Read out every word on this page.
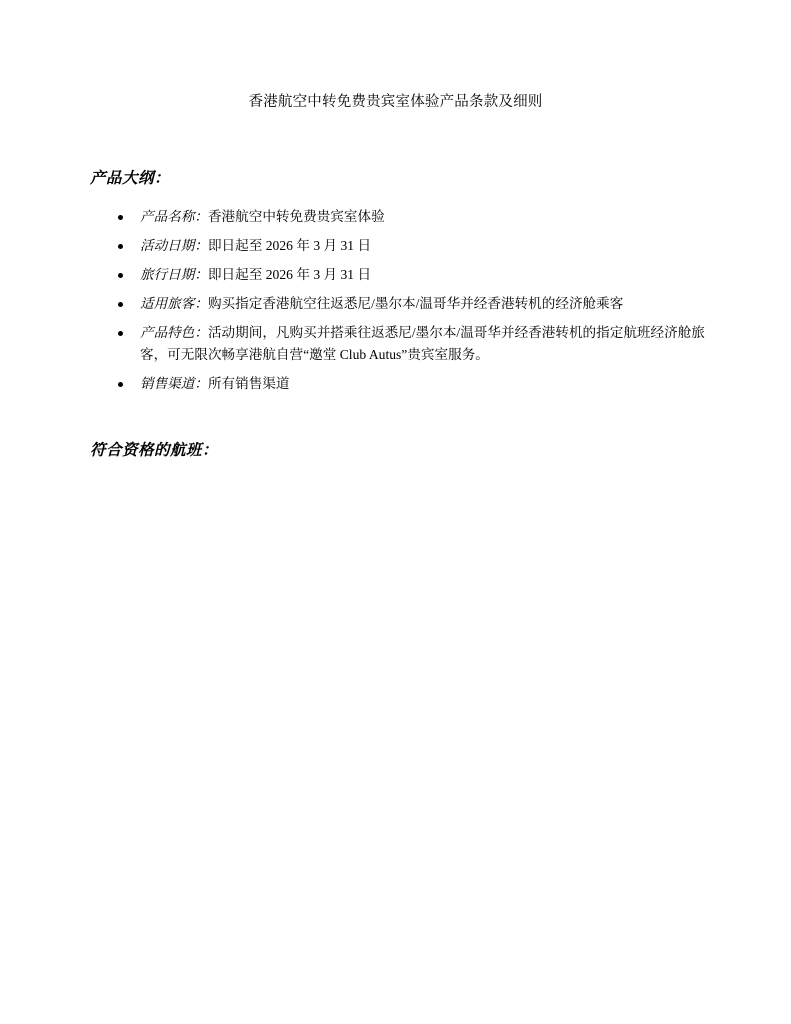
香港航空中转免费贵宾室体验产品条款及细则
产品大纲：
产品名称：香港航空中转免费贵宾室体验
活动日期：即日起至 2026 年 3 月 31 日
旅行日期：即日起至 2026 年 3 月 31 日
适用旅客：购买指定香港航空往返悉尼/墨尔本/温哥华并经香港转机的经济舱乘客
产品特色：活动期间，凡购买并搭乘往返悉尼/墨尔本/温哥华并经香港转机的指定航班经济舱旅客，可无限次畅享港航自营“邀堂 Club Autus”贵宾室服务。
销售渠道：所有销售渠道
符合资格的航班：
